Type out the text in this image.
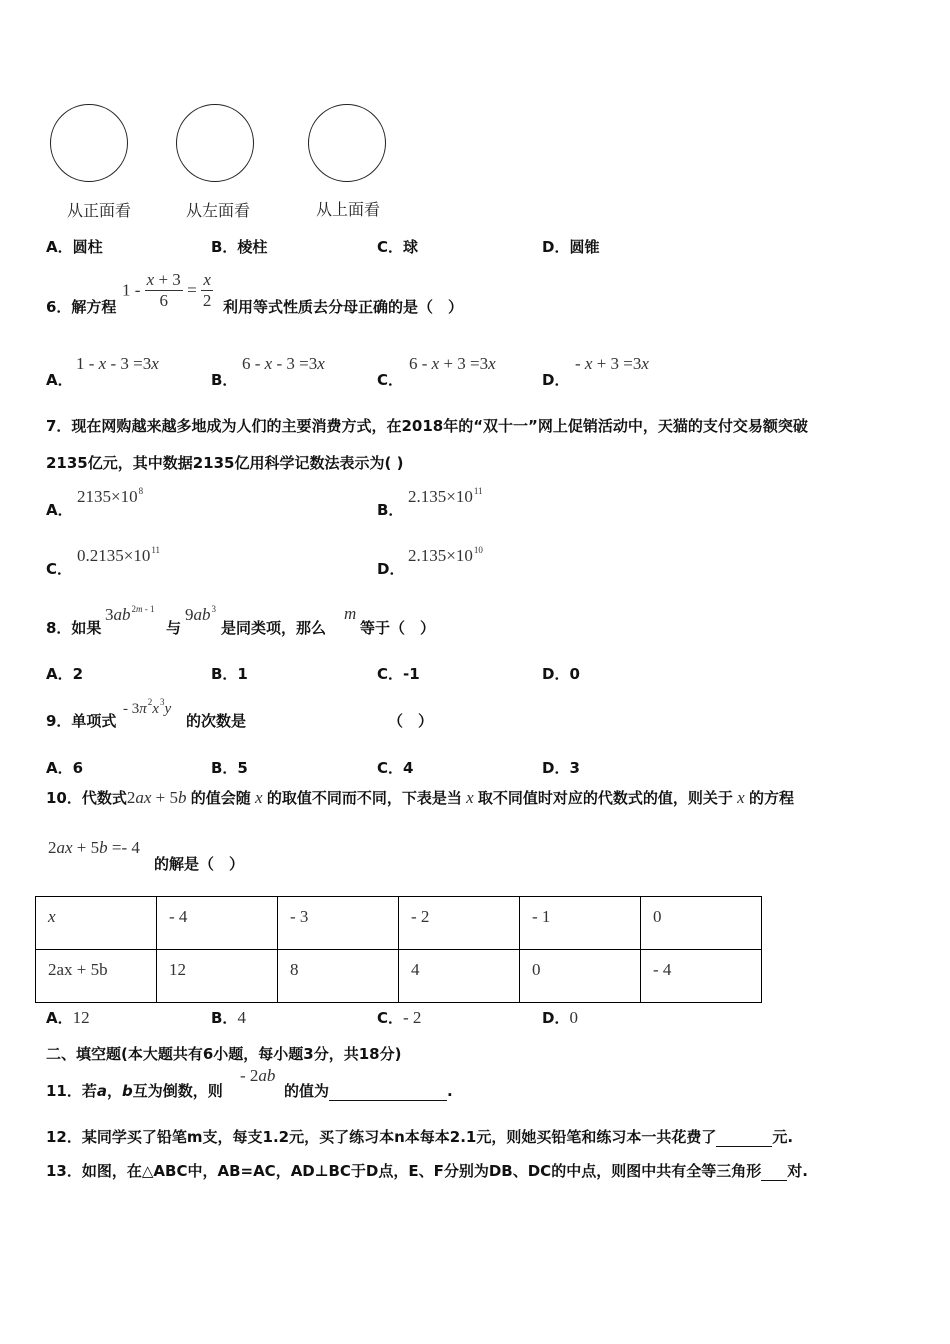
从正面看	从左面看	从上面看
A．圆柱	B．棱柱	C．球	D．圆锥
6．解方程
$1 - \frac{x + 3}{6} = \frac{x}{2}$ 利用等式性质去分母正确的是（　）
A．
1 - x - 3 =3x
B．
6 - x - 3 =3x
C．
6 - x + 3 =3x
D．
- x + 3 =3x
7．现在网购越来越多地成为人们的主要消费方式，在2018年的“双十一”网上促销活动中，天猫的支付交易额突破
2135亿元，其中数据2135亿用科学记数法表示为( )
A．
$2135\times 10^8$
B．
$2.135\times 10^{11}$
C．
$0.2135\times 10^{11}$
D．
$2.135\times 10^{10}$
8．如果
$3ab^{2m - 1}$
与
$9ab^3$
是同类项，那么
m
等于（　）
A．2	B．1	C．-1	D．0
9．单项式
- $3\pi^2x^3y$
的次数是	（　）
A．6	B．5	C．4	D．3
10．代数式2ax + 5b 的值会随 x 的取值不同而不同，下表是当 x 取不同值时对应的代数式的值，则关于 x 的方程
2ax + 5b =- 4
的解是（　）
x	- 4	- 3	- 2	- 1	0
2ax + 5b	12	8	4	0	- 4
A．12	B．4	C．- 2	D．0
二、填空题(本大题共有6小题，每小题3分，共18分)
11．若a，b互为倒数，则
- 2ab
的值为	.
12．某同学买了铅笔m支，每支1.2元，买了练习本n本每本2.1元，则她买铅笔和练习本一共花费了	元.
13．如图，在△ABC中，AB=AC，AD⊥BC于D点，E、F分别为DB、DC的中点，则图中共有全等三角形 对.
